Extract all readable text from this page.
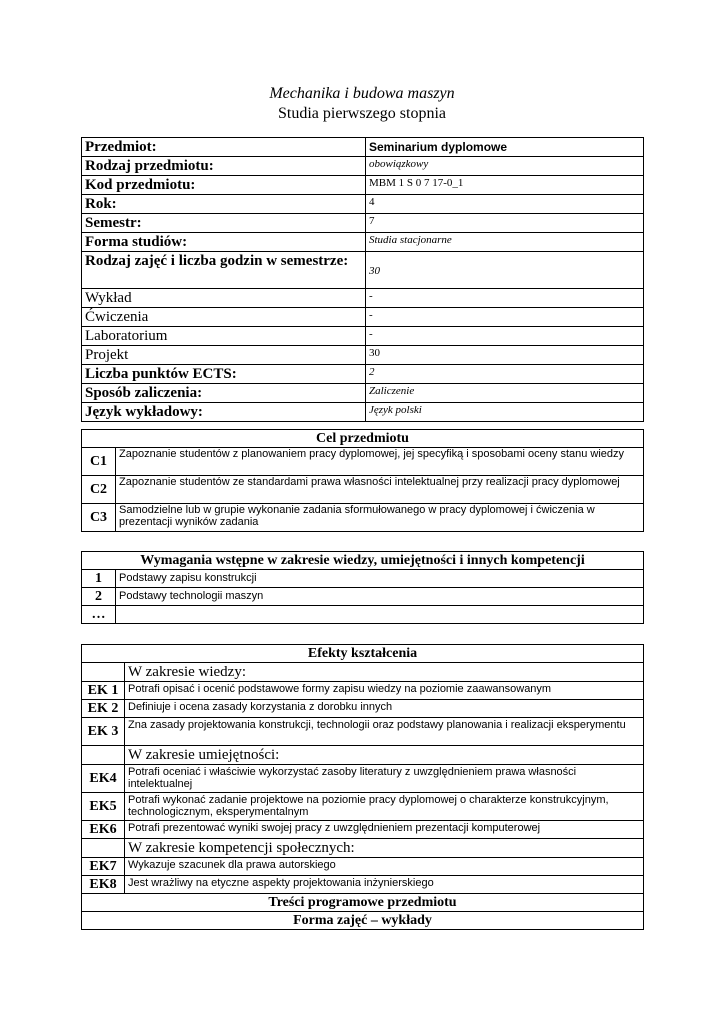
Mechanika i budowa maszyn
Studia pierwszego stopnia
Przedmiot:	Seminarium dyplomowe
Rodzaj przedmiotu:	obowiązkowy
Kod przedmiotu:	MBM 1 S 0 7 17-0_1
Rok:	4
Semestr:	7
Forma studiów:	Studia stacjonarne
Rodzaj zajęć i liczba godzin w semestrze:	30
Wykład	-
Ćwiczenia	-
Laboratorium	-
Projekt	30
Liczba punktów ECTS:	2
Sposób zaliczenia:	Zaliczenie
Język wykładowy:	Język polski
Cel przedmiotu	
C1	Zapoznanie studentów z planowaniem pracy dyplomowej, jej specyfiką i sposobami oceny stanu wiedzy
C2	Zapoznanie studentów ze standardami prawa własności intelektualnej przy realizacji pracy dyplomowej
C3	Samodzielne lub w grupie wykonanie zadania sformułowanego w pracy dyplomowej i ćwiczenia w prezentacji wyników zadania
Wymagania wstępne w zakresie wiedzy, umiejętności i innych kompetencji	
1	Podstawy zapisu konstrukcji
2	Podstawy technologii maszyn
…	
Efekty kształcenia	
	W zakresie wiedzy:
EK 1	Potrafi opisać i ocenić podstawowe formy zapisu wiedzy na poziomie zaawansowanym
EK 2	Definiuje i ocena zasady korzystania z dorobku innych
EK 3	Zna zasady projektowania konstrukcji, technologii oraz podstawy planowania i realizacji eksperymentu
	W zakresie umiejętności:
EK4	Potrafi oceniać i właściwie wykorzystać zasoby literatury z uwzględnieniem prawa własności intelektualnej
EK5	Potrafi wykonać zadanie projektowe na poziomie pracy dyplomowej o charakterze konstrukcyjnym, technologicznym, eksperymentalnym
EK6	Potrafi prezentować wyniki swojej pracy z uwzględnieniem prezentacji komputerowej
	W zakresie kompetencji społecznych:
EK7	Wykazuje szacunek dla prawa autorskiego
EK8	Jest wrażliwy na etyczne aspekty projektowania inżynierskiego
Treści programowe przedmiotu	
Forma zajęć – wykłady	
